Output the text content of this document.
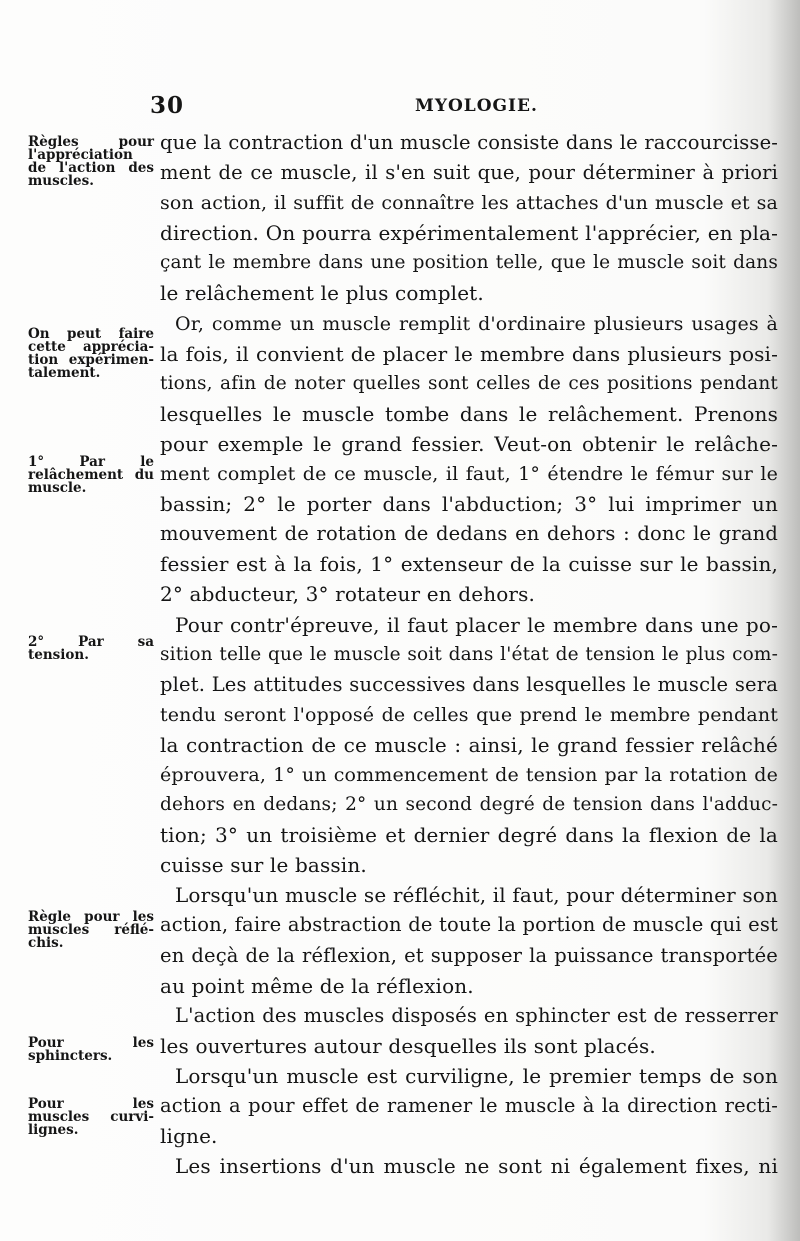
30	MYOLOGIE.
Règles pour
l'appréciation
de l'action des
muscles.
On peut faire
cette apprécia-
tion expérimen-
talement.
1° Par le
relâchement du
muscle.
2° Par sa
tension.
Règle pour les
muscles réflé-
chis.
Pour les
sphincters.
Pour les
muscles curvi-
lignes.
que la contraction d'un muscle consiste dans le raccourcisse-
ment de ce muscle, il s'en suit que, pour déterminer à priori
son action, il suffit de connaître les attaches d'un muscle et sa
direction. On pourra expérimentalement l'apprécier, en pla-
çant le membre dans une position telle, que le muscle soit dans
le relâchement le plus complet.
Or, comme un muscle remplit d'ordinaire plusieurs usages à
la fois, il convient de placer le membre dans plusieurs posi-
tions, afin de noter quelles sont celles de ces positions pendant
lesquelles le muscle tombe dans le relâchement. Prenons
pour exemple le grand fessier. Veut-on obtenir le relâche-
ment complet de ce muscle, il faut, 1° étendre le fémur sur le
bassin; 2° le porter dans l'abduction; 3° lui imprimer un
mouvement de rotation de dedans en dehors : donc le grand
fessier est à la fois, 1° extenseur de la cuisse sur le bassin,
2° abducteur, 3° rotateur en dehors.
Pour contr'épreuve, il faut placer le membre dans une po-
sition telle que le muscle soit dans l'état de tension le plus com-
plet. Les attitudes successives dans lesquelles le muscle sera
tendu seront l'opposé de celles que prend le membre pendant
la contraction de ce muscle : ainsi, le grand fessier relâché
éprouvera, 1° un commencement de tension par la rotation de
dehors en dedans; 2° un second degré de tension dans l'adduc-
tion; 3° un troisième et dernier degré dans la flexion de la
cuisse sur le bassin.
Lorsqu'un muscle se réfléchit, il faut, pour déterminer son
action, faire abstraction de toute la portion de muscle qui est
en deçà de la réflexion, et supposer la puissance transportée
au point même de la réflexion.
L'action des muscles disposés en sphincter est de resserrer
les ouvertures autour desquelles ils sont placés.
Lorsqu'un muscle est curviligne, le premier temps de son
action a pour effet de ramener le muscle à la direction recti-
ligne.
Les insertions d'un muscle ne sont ni également fixes, ni
